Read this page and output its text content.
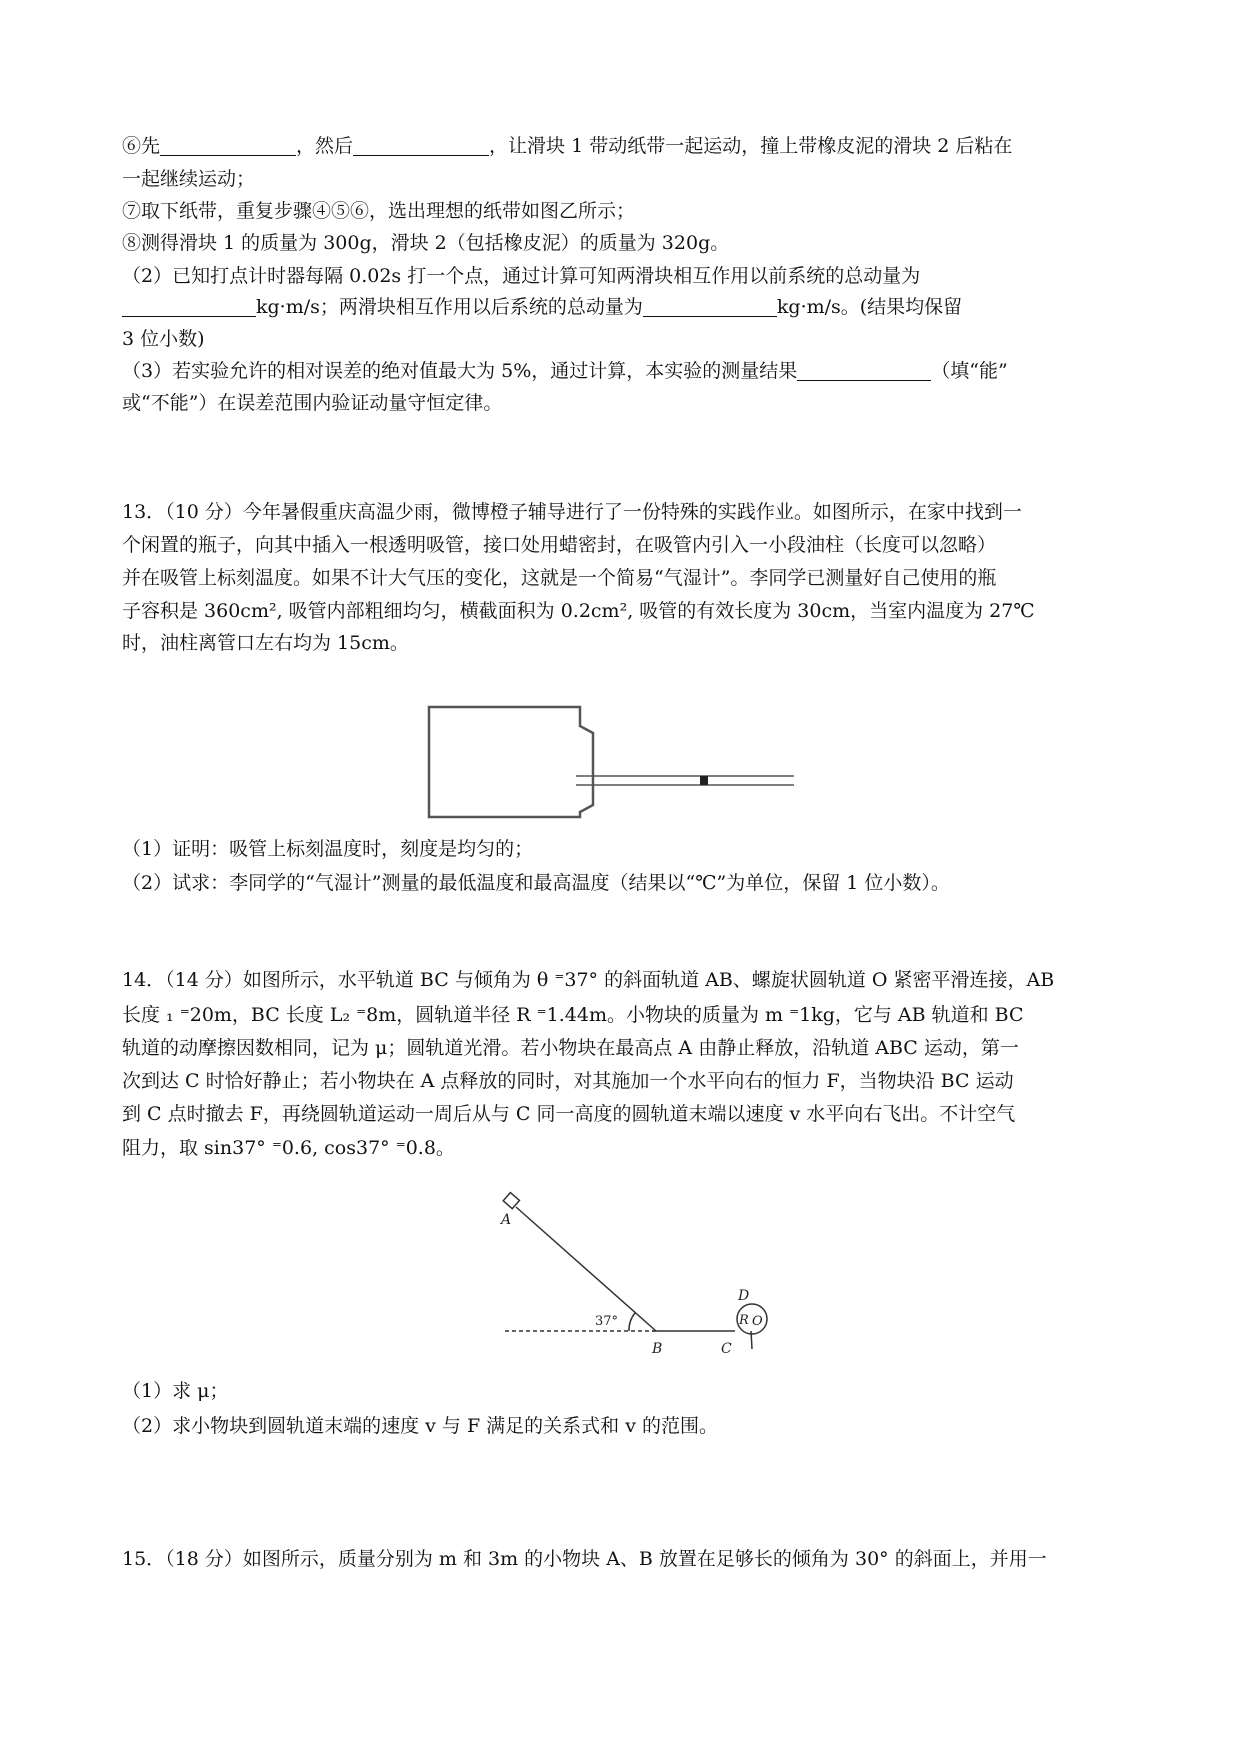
⑥先	，然后	，让滑块 1 带动纸带一起运动，撞上带橡皮泥的滑块 2 后粘在
一起继续运动；
⑦取下纸带，重复步骤④⑤⑥，选出理想的纸带如图乙所示；
⑧测得滑块 1 的质量为 300g，滑块 2（包括橡皮泥）的质量为 320g。
（2）已知打点计时器每隔 0.02s 打一个点，通过计算可知两滑块相互作用以前系统的总动量为
kg·m/s；两滑块相互作用以后系统的总动量为	kg·m/s。(结果均保留
3 位小数)
（3）若实验允许的相对误差的绝对值最大为 5%，通过计算，本实验的测量结果	（填“能”
或“不能”）在误差范围内验证动量守恒定律。
13．（10 分）今年暑假重庆高温少雨，微博橙子辅导进行了一份特殊的实践作业。如图所示，在家中找到一
个闲置的瓶子，向其中插入一根透明吸管，接口处用蜡密封，在吸管内引入一小段油柱（长度可以忽略）
并在吸管上标刻温度。如果不计大气压的变化，这就是一个简易“气湿计”。李同学已测量好自己使用的瓶
子容积是 360cm², 吸管内部粗细均匀，横截面积为 0.2cm², 吸管的有效长度为 30cm，当室内温度为 27℃
时，油柱离管口左右均为 15cm。
（1）证明：吸管上标刻温度时，刻度是均匀的；
（2）试求：李同学的“气湿计”测量的最低温度和最高温度（结果以“℃”为单位，保留 1 位小数）。
14．（14 分）如图所示，水平轨道 BC 与倾角为 θ ⁼37° 的斜面轨道 AB、螺旋状圆轨道 O 紧密平滑连接，AB
长度 ₁ ⁼20m，BC 长度 L₂ ⁼8m，圆轨道半径 R ⁼1.44m。小物块的质量为 m ⁼1kg，它与 AB 轨道和 BC
轨道的动摩擦因数相同，记为 μ；圆轨道光滑。若小物块在最高点 A 由静止释放，沿轨道 ABC 运动，第一
次到达 C 时恰好静止；若小物块在 A 点释放的同时，对其施加一个水平向右的恒力 F，当物块沿 BC 运动
到 C 点时撤去 F，再绕圆轨道运动一周后从与 C 同一高度的圆轨道末端以速度 v 水平向右飞出。不计空气
阻力，取 sin37° ⁼0.6, cos37° ⁼0.8。
A
B	C
D
R O
37°
（1）求 μ；
（2）求小物块到圆轨道末端的速度 v 与 F 满足的关系式和 v 的范围。
15．（18 分）如图所示，质量分别为 m 和 3m 的小物块 A、B 放置在足够长的倾角为 30° 的斜面上，并用一
